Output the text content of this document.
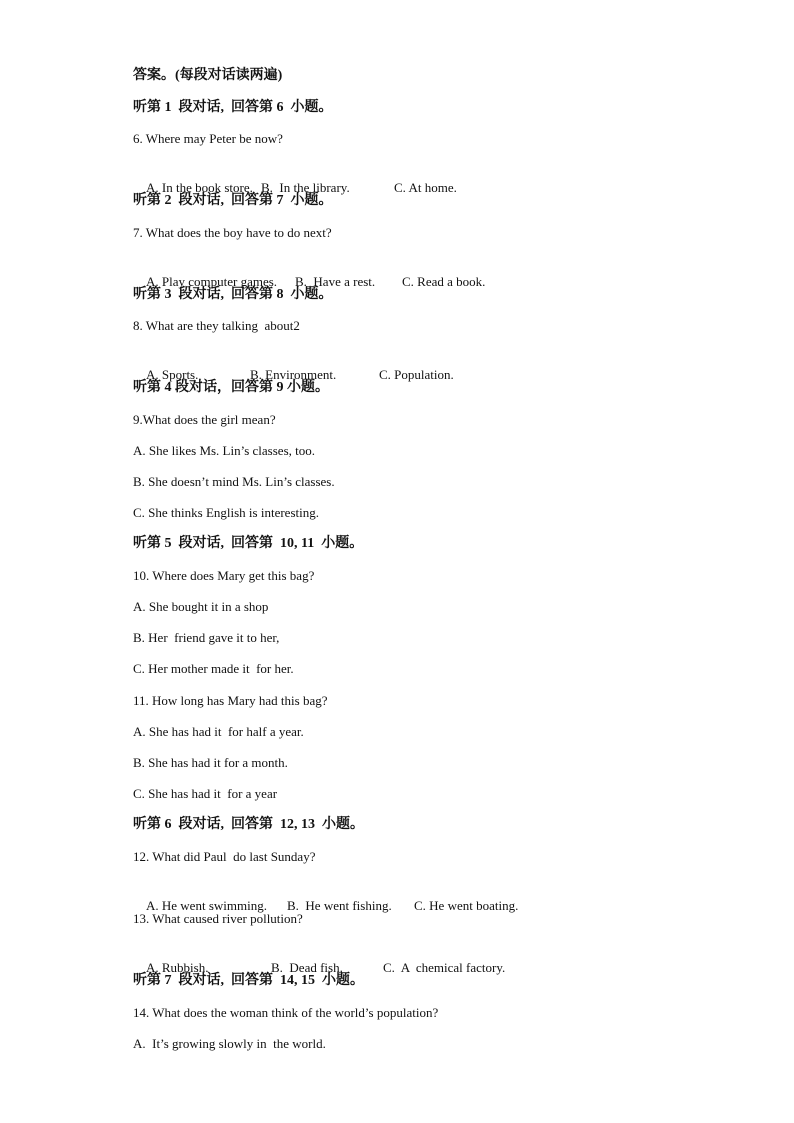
答案。(每段对话读两遍)
听第 1  段对话,  回答第 6  小题。
6. Where may Peter be now?

A. In the book store. B.  In the library.	C. At home.

听第 2  段对话,  回答第 7  小题。
7. What does the boy have to do next?

A. Play computer games. B.  Have a rest. C. Read a book.

听第 3  段对话,  回答第 8  小题。
8. What are they talking  about2

A. Sports.	B. Environment.	C. Population.

听第 4 段对话，回答第 9 小题。
9.What does the girl mean?
A. She likes Ms. Lin’s classes, too.
B. She doesn’t mind Ms. Lin’s classes.
C. She thinks English is interesting.
听第 5  段对话,  回答第  10, 11  小题。
10. Where does Mary get this bag?
A. She bought it in a shop
B. Her  friend gave it to her,
C. Her mother made it  for her.
11. How long has Mary had this bag?
A. She has had it  for half a year.
B. She has had it for a month.
C. She has had it  for a year
听第 6  段对话,  回答第  12, 13  小题。
12. What did Paul  do last Sunday?

A. He went swimming. B.  He went fishing. C. He went boating.

13. What caused river pollution?

A. Rubbish.	B.  Dead fish.	C.  A  chemical factory.

听第 7  段对话,  回答第  14, 15  小题。
14. What does the woman think of the world’s population?
A.  It’s growing slowly in  the world.
